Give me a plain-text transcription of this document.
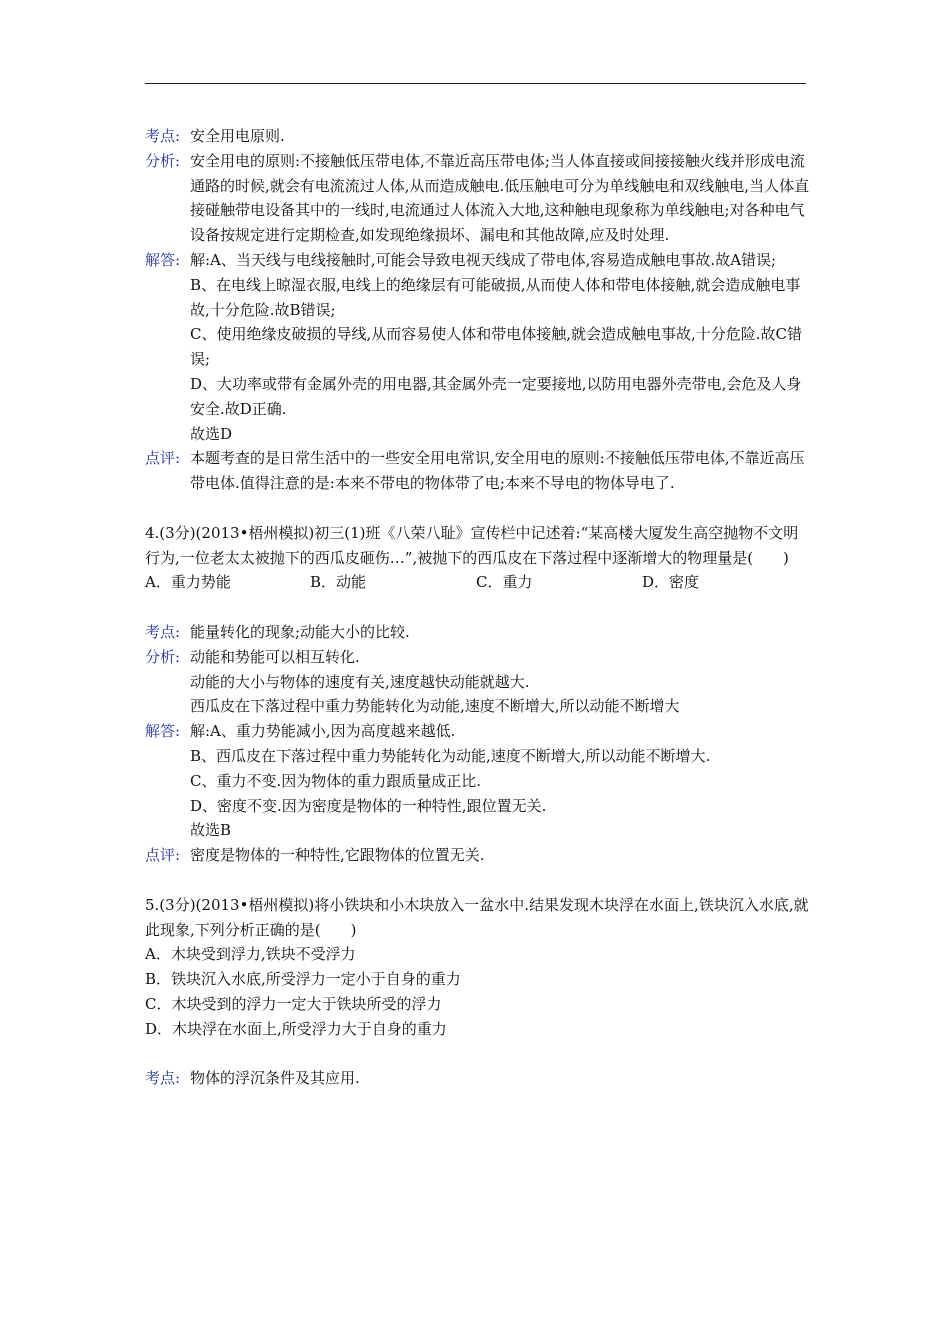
考点: 安全用电原则.
分析: 安全用电的原则:不接触低压带电体,不靠近高压带电体;当人体直接或间接接触火线并形成电流通路的时候,就会有电流流过人体,从而造成触电.低压触电可分为单线触电和双线触电,当人体直接碰触带电设备其中的一线时,电流通过人体流入大地,这种触电现象称为单线触电;对各种电气设备按规定进行定期检查,如发现绝缘损坏、漏电和其他故障,应及时处理.
解答: 解:A、当天线与电线接触时,可能会导致电视天线成了带电体,容易造成触电事故.故A错误;
B、在电线上晾湿衣服,电线上的绝缘层有可能破损,从而使人体和带电体接触,就会造成触电事故,十分危险.故B错误;
C、使用绝缘皮破损的导线,从而容易使人体和带电体接触,就会造成触电事故,十分危险.故C错误;
D、大功率或带有金属外壳的用电器,其金属外壳一定要接地,以防用电器外壳带电,会危及人身安全.故D正确.
故选D
点评: 本题考查的是日常生活中的一些安全用电常识,安全用电的原则:不接触低压带电体,不靠近高压带电体.值得注意的是:本来不带电的物体带了电;本来不导电的物体导电了.
4.(3分)(2013•梧州模拟)初三(1)班《八荣八耻》宣传栏中记述着:“某高楼大厦发生高空抛物不文明行为,一位老太太被抛下的西瓜皮砸伤…”,被抛下的西瓜皮在下落过程中逐渐增大的物理量是(　　)
A．重力势能	B．动能	C．重力	D．密度
考点: 能量转化的现象;动能大小的比较.
分析: 动能和势能可以相互转化.
动能的大小与物体的速度有关,速度越快动能就越大.
西瓜皮在下落过程中重力势能转化为动能,速度不断增大,所以动能不断增大
解答: 解:A、重力势能减小,因为高度越来越低.
B、西瓜皮在下落过程中重力势能转化为动能,速度不断增大,所以动能不断增大.
C、重力不变.因为物体的重力跟质量成正比.
D、密度不变.因为密度是物体的一种特性,跟位置无关.
故选B
点评: 密度是物体的一种特性,它跟物体的位置无关.
5.(3分)(2013•梧州模拟)将小铁块和小木块放入一盆水中.结果发现木块浮在水面上,铁块沉入水底,就此现象,下列分析正确的是(　　)
A．木块受到浮力,铁块不受浮力
B．铁块沉入水底,所受浮力一定小于自身的重力
C．木块受到的浮力一定大于铁块所受的浮力
D．木块浮在水面上,所受浮力大于自身的重力
考点: 物体的浮沉条件及其应用.
